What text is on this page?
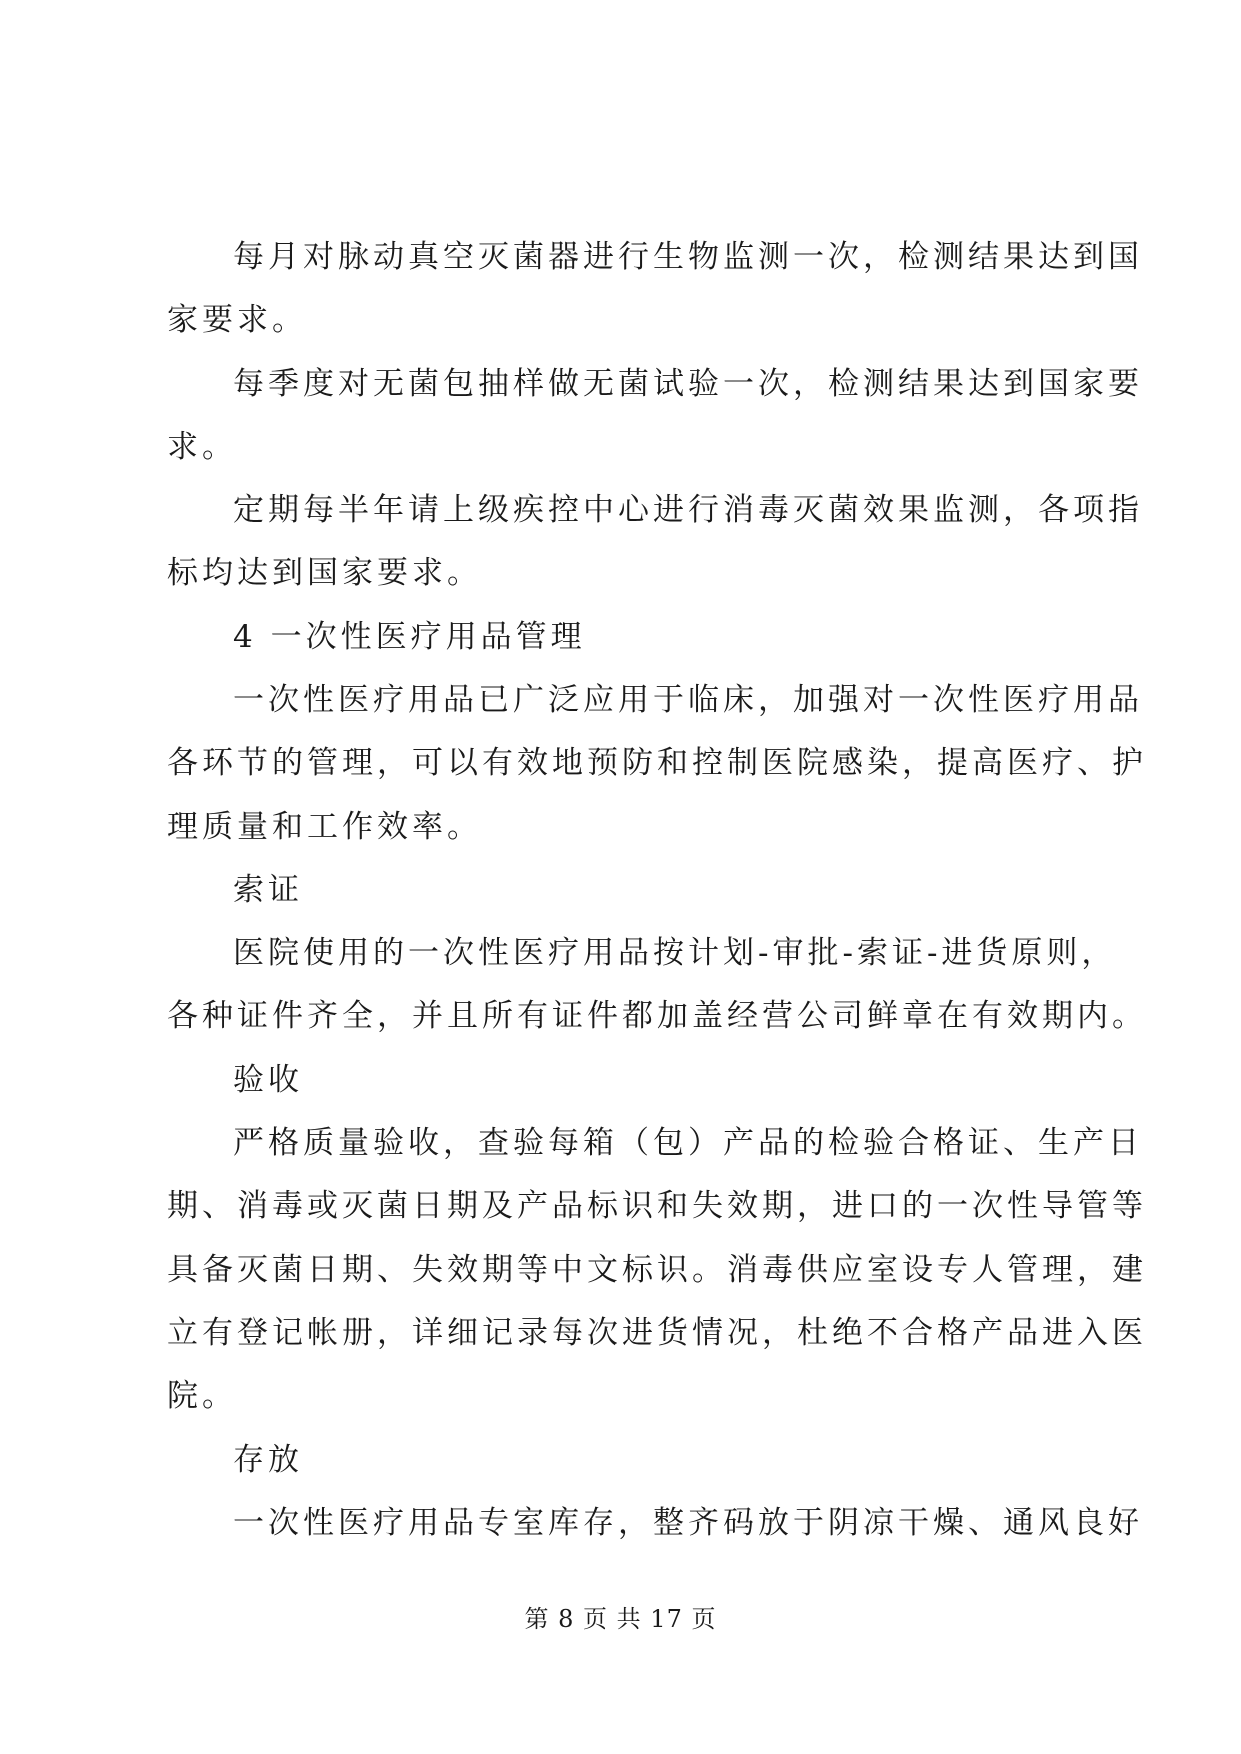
每月对脉动真空灭菌器进行生物监测一次，检测结果达到国
家要求。
每季度对无菌包抽样做无菌试验一次，检测结果达到国家要
求。
定期每半年请上级疾控中心进行消毒灭菌效果监测，各项指
标均达到国家要求。
4 一次性医疗用品管理
一次性医疗用品已广泛应用于临床，加强对一次性医疗用品
各环节的管理，可以有效地预防和控制医院感染，提高医疗、护
理质量和工作效率。
索证
医院使用的一次性医疗用品按计划-审批-索证-进货原则，
各种证件齐全，并且所有证件都加盖经营公司鲜章在有效期内。
验收
严格质量验收，查验每箱（包）产品的检验合格证、生产日
期、消毒或灭菌日期及产品标识和失效期，进口的一次性导管等
具备灭菌日期、失效期等中文标识。消毒供应室设专人管理，建
立有登记帐册，详细记录每次进货情况，杜绝不合格产品进入医
院。
存放
一次性医疗用品专室库存，整齐码放于阴凉干燥、通风良好
第 8 页 共 17 页
